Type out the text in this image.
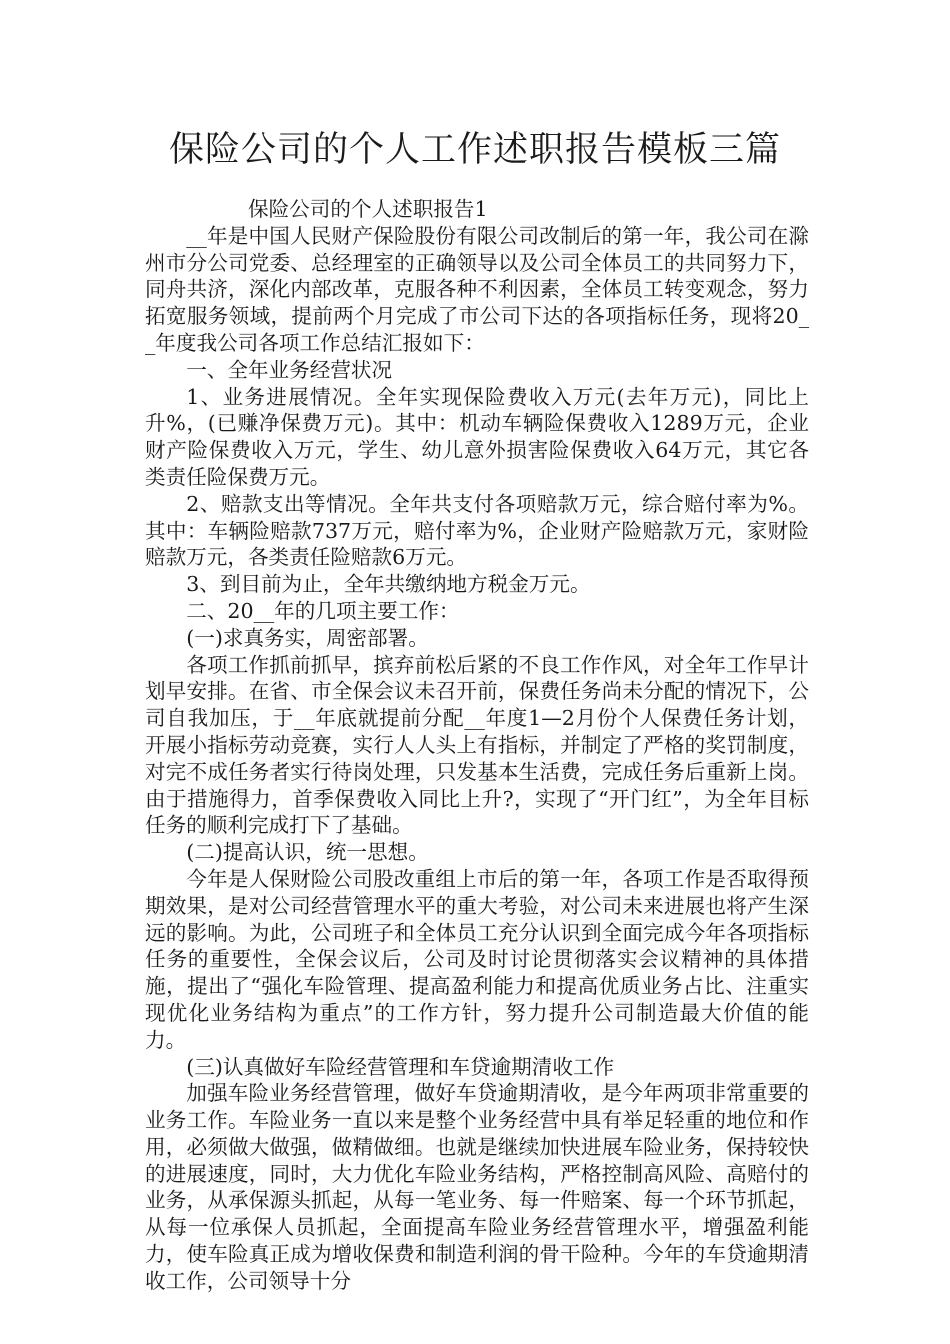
保险公司的个人工作述职报告模板三篇

保险公司的个人述职报告1

__年是中国人民财产保险股份有限公司改制后的第一年，我公司在滁州市分公司党委、总经理室的正确领导以及公司全体员工的共同努力下，同舟共济，深化内部改革，克服各种不利因素，全体员工转变观念，努力拓宽服务领域，提前两个月完成了市公司下达的各项指标任务，现将20__年度我公司各项工作总结汇报如下：

一、全年业务经营状况

1、业务进展情况。全年实现保险费收入万元(去年万元)，同比上升%，(已赚净保费万元)。其中：机动车辆险保费收入1289万元，企业财产险保费收入万元，学生、幼儿意外损害险保费收入64万元，其它各类责任险保费万元。

2、赔款支出等情况。全年共支付各项赔款万元，综合赔付率为%。其中：车辆险赔款737万元，赔付率为%，企业财产险赔款万元，家财险赔款万元，各类责任险赔款6万元。

3、到目前为止，全年共缴纳地方税金万元。

二、20__年的几项主要工作：

(一)求真务实，周密部署。

各项工作抓前抓早，摈弃前松后紧的不良工作作风，对全年工作早计划早安排。在省、市全保会议未召开前，保费任务尚未分配的情况下，公司自我加压，于__年底就提前分配__年度1—2月份个人保费任务计划，开展小指标劳动竞赛，实行人人头上有指标，并制定了严格的奖罚制度，对完不成任务者实行待岗处理，只发基本生活费，完成任务后重新上岗。由于措施得力，首季保费收入同比上升?，实现了“开门红”，为全年目标任务的顺利完成打下了基础。

(二)提高认识，统一思想。

今年是人保财险公司股改重组上市后的第一年，各项工作是否取得预期效果，是对公司经营管理水平的重大考验，对公司未来进展也将产生深远的影响。为此，公司班子和全体员工充分认识到全面完成今年各项指标任务的重要性，全保会议后，公司及时讨论贯彻落实会议精神的具体措施，提出了“强化车险管理、提高盈利能力和提高优质业务占比、注重实现优化业务结构为重点”的工作方针，努力提升公司制造最大价值的能力。

(三)认真做好车险经营管理和车贷逾期清收工作

加强车险业务经营管理，做好车贷逾期清收，是今年两项非常重要的业务工作。车险业务一直以来是整个业务经营中具有举足轻重的地位和作用，必须做大做强，做精做细。也就是继续加快进展车险业务，保持较快的进展速度，同时，大力优化车险业务结构，严格控制高风险、高赔付的业务，从承保源头抓起，从每一笔业务、每一件赔案、每一个环节抓起，从每一位承保人员抓起，全面提高车险业务经营管理水平，增强盈利能力，使车险真正成为增收保费和制造利润的骨干险种。今年的车贷逾期清收工作，公司领导十分
